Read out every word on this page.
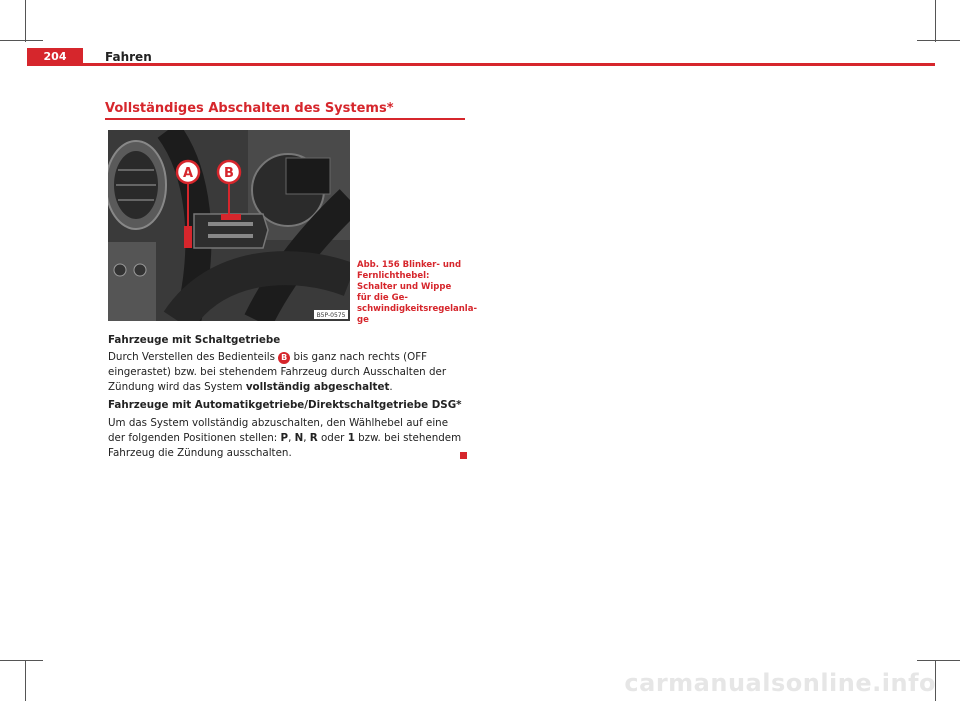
204	Fahren
Vollständiges Abschalten des Systems*
A B
B5P-0575
Abb. 156 Blinker- und Fernlichthebel: Schalter und Wippe für die Geschwindigkeitsregelanlage
Fahrzeuge mit Schaltgetriebe
Durch Verstellen des Bedienteils B bis ganz nach rechts (OFF eingerastet) bzw. bei stehendem Fahrzeug durch Ausschalten der Zündung wird das System vollständig abgeschaltet.
Fahrzeuge mit Automatikgetriebe/Direktschaltgetriebe DSG*
Um das System vollständig abzuschalten, den Wählhebel auf eine der folgenden Positionen stellen: P, N, R oder 1 bzw. bei stehendem Fahrzeug die Zündung ausschalten.
carmanualsonline.info
